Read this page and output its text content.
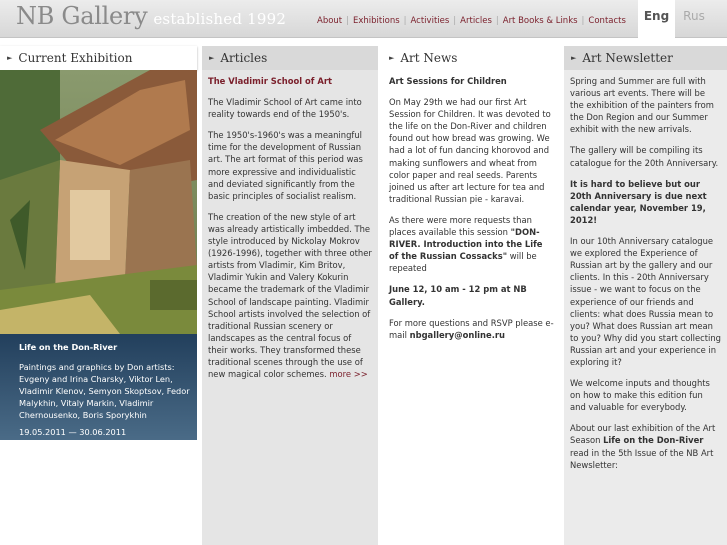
NB Gallery established 1992	About | Exhibitions | Activities | Articles | Art Books & Links | Contacts	Eng	Rus
► Current Exhibition
Life on the Don-River
Paintings and graphics by Don artists: Evgeny and Irina Charsky, Viktor Len, Vladimir Klenov, Semyon Skoptsov, Fedor Malykhin, Vitaly Markin, Vladimir Chernousenko, Boris Sporykhin
19.05.2011 — 30.06.2011
► Articles

The Vladimir School of Art

The Vladimir School of Art came into reality towards end of the 1950's.

The 1950's-1960's was a meaningful time for the development of Russian art. The art format of this period was more expressive and individualistic and deviated significantly from the basic principles of socialist realism.

The creation of the new style of art was already artistically imbedded. The style introduced by Nickolay Mokrov (1926-1996), together with three other artists from Vladimir, Kim Britov, Vladimir Yukin and Valery Kokurin became the trademark of the Vladimir School of landscape painting. Vladimir School artists involved the selection of traditional Russian scenery or landscapes as the central focus of their works. They transformed these traditional scenes through the use of new magical color schemes. more >>

► Art News

Art Sessions for Children

On May 29th we had our first Art Session for Children. It was devoted to the life on the Don-River and children found out how bread was growing. We had a lot of fun dancing khorovod and making sunflowers and wheat from color paper and real seeds. Parents joined us after art lecture for tea and traditional Russian pie - karavai.

As there were more requests than places available this session "DON-RIVER. Introduction into the Life of the Russian Cossacks" will be repeated

June 12, 10 am - 12 pm at NB Gallery.

For more questions and RSVP please e-mail nbgallery@online.ru

► Art Newsletter

Spring and Summer are full with various art events. There will be the exhibition of the painters from the Don Region and our Summer exhibit with the new arrivals.

The gallery will be compiling its catalogue for the 20th Anniversary.

It is hard to believe but our 20th Anniversary is due next calendar year, November 19, 2012!

In our 10th Anniversary catalogue we explored the Experience of Russian art by the gallery and our clients. In this - 20th Anniversary issue - we want to focus on the experience of our friends and clients: what does Russia mean to you? What does Russian art mean to you? Why did you start collecting Russian art and your experience in exploring it?

We welcome inputs and thoughts on how to make this edition fun and valuable for everybody.

About our last exhibition of the Art Season Life on the Don-River read in the 5th Issue of the NB Art Newsletter:
